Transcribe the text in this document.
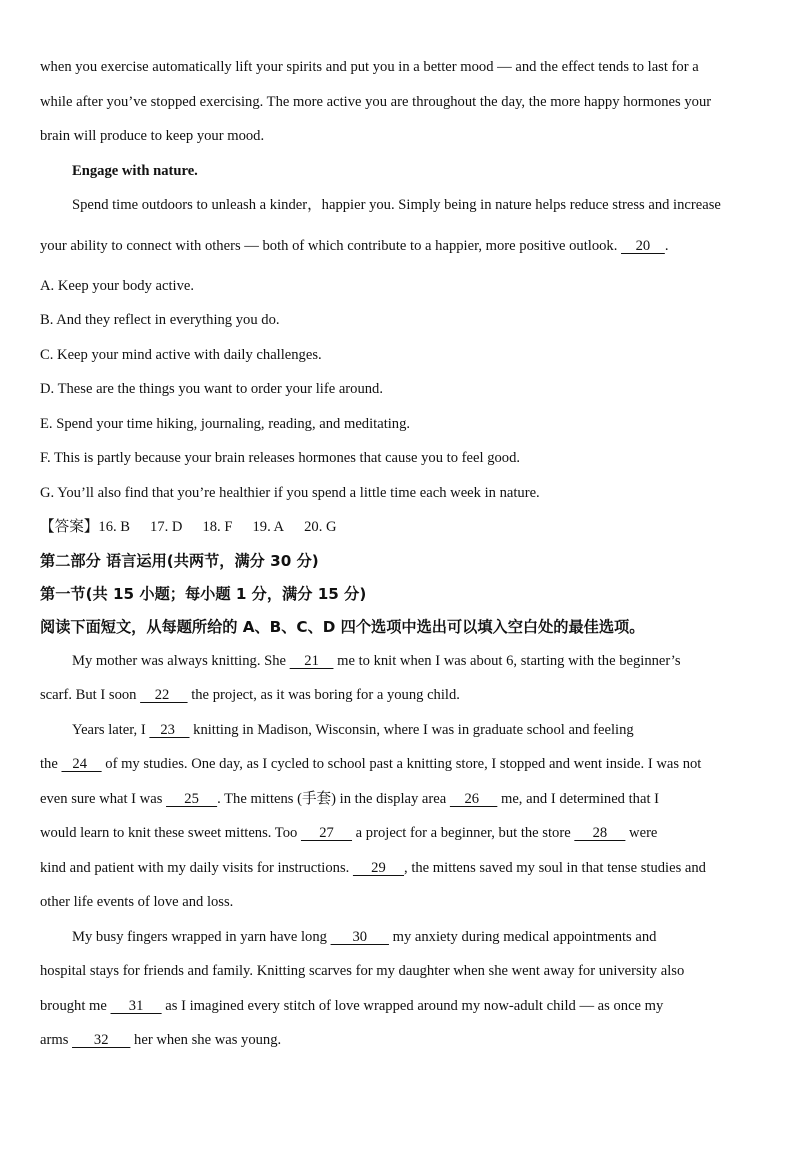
when you exercise automatically lift your spirits and put you in a better mood — and the effect tends to last for a
while after you’ve stopped exercising. The more active you are throughout the day, the more happy hormones your
brain will produce to keep your mood.
Engage with nature.
Spend time outdoors to unleash a kinder，happier you. Simply being in nature helps reduce stress and increase
your ability to connect with others — both of which contribute to a happier, more positive outlook.     20    .
A. Keep your body active.
B. And they reflect in everything you do.
C. Keep your mind active with daily challenges.
D. These are the things you want to order your life around.
E. Spend your time hiking, journaling, reading, and meditating.
F. This is partly because your brain releases hormones that cause you to feel good.
G. You’ll also find that you’re healthier if you spend a little time each week in nature.
【答案】16. B 17. D 18. F 19. A 20. G
第二部分 语言运用(共两节，满分 30 分)
第一节(共 15 小题；每小题 1 分，满分 15 分)
阅读下面短文，从每题所给的 A、B、C、D 四个选项中选出可以填入空白处的最佳选项。
My mother was always knitting. She     21     me to knit when I was about 6, starting with the beginner’s
scarf. But I soon     22      the project, as it was boring for a young child.
Years later, I    23     knitting in Madison, Wisconsin, where I was in graduate school and feeling
the    24     of my studies. One day, as I cycled to school past a knitting store, I stopped and went inside. I was not
even sure what I was      25     . The mittens (手套) in the display area     26      me, and I determined that I
would learn to knit these sweet mittens. Too      27      a project for a beginner, but the store      28      were
kind and patient with my daily visits for instructions.      29     , the mittens saved my soul in that tense studies and
other life events of love and loss.
My busy fingers wrapped in yarn have long       30       my anxiety during medical appointments and
hospital stays for friends and family. Knitting scarves for my daughter when she went away for university also
brought me      31      as I imagined every stitch of love wrapped around my now-adult child — as once my
arms       32       her when she was young.
